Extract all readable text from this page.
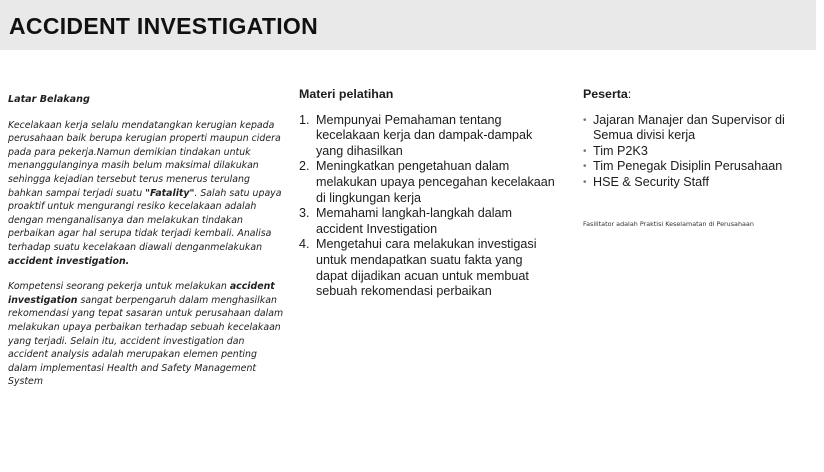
ACCIDENT INVESTIGATION
Latar Belakang

Kecelakaan kerja selalu mendatangkan kerugian kepada perusahaan baik berupa kerugian properti maupun cidera pada para pekerja.Namun demikian tindakan untuk menanggulanginya masih belum maksimal dilakukan sehingga kejadian tersebut terus menerus terulang bahkan sampai terjadi suatu "Fatality". Salah satu upaya proaktif untuk mengurangi resiko kecelakaan adalah dengan menganalisanya dan melakukan tindakan perbaikan agar hal serupa tidak terjadi kembali. Analisa terhadap suatu kecelakaan diawali denganmelakukan accident investigation.

Kompetensi seorang pekerja untuk melakukan accident investigation sangat berpengaruh dalam menghasilkan rekomendasi yang tepat sasaran untuk perusahaan dalam melakukan upaya perbaikan terhadap sebuah kecelakaan yang terjadi. Selain itu, accident investigation dan accident analysis adalah merupakan elemen penting dalam implementasi Health and Safety Management System

Materi pelatihan
1. Mempunyai Pemahaman tentang kecelakaan kerja dan dampak-dampak yang dihasilkan
2. Meningkatkan pengetahuan dalam melakukan upaya pencegahan kecelakaan di lingkungan kerja
3. Memahami langkah-langkah dalam accident Investigation
4. Mengetahui cara melakukan investigasi untuk mendapatkan suatu fakta yang dapat dijadikan acuan untuk membuat sebuah rekomendasi perbaikan
Peserta:
• Jajaran Manajer dan Supervisor di Semua divisi kerja
• Tim P2K3
• Tim Penegak Disiplin Perusahaan
• HSE & Security Staff
Fasilitator adalah Praktisi Keselamatan di Perusahaan
